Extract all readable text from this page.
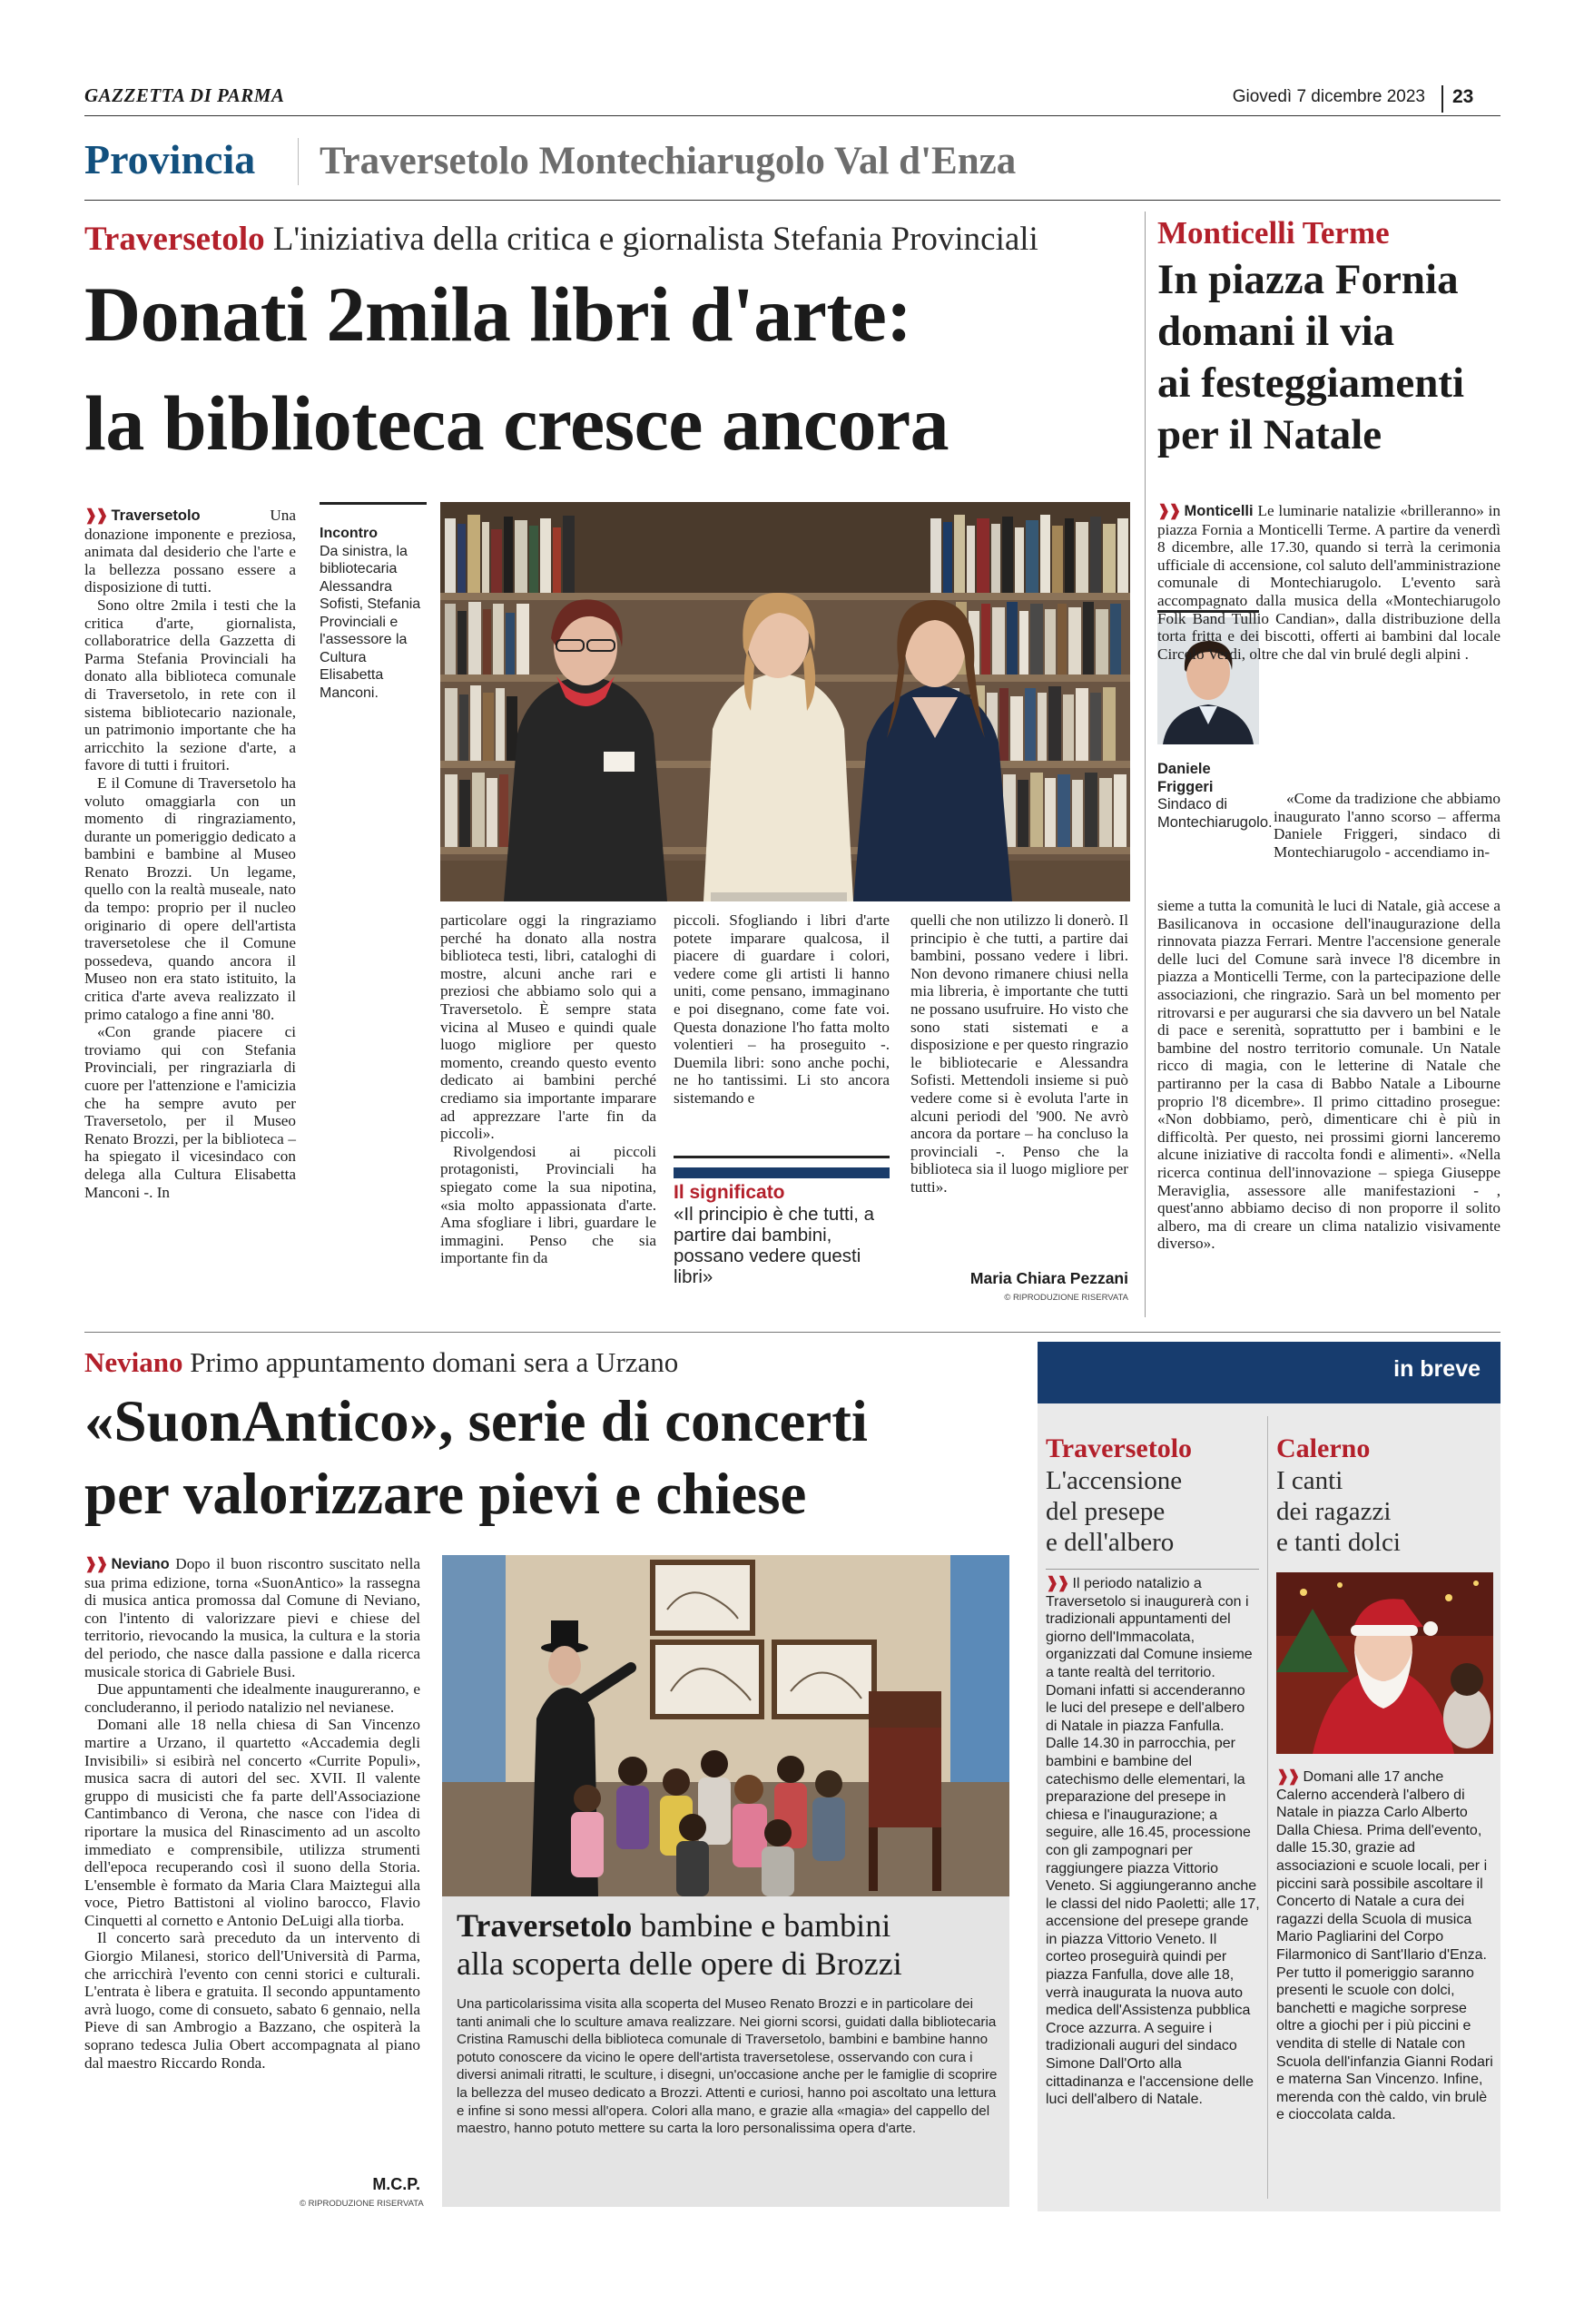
GAZZETTA DI PARMA	Giovedì 7 dicembre 2023 23
Provincia Traversetolo Montechiarugolo Val d'Enza
Traversetolo L'iniziativa della critica e giornalista Stefania Provinciali
Donati 2mila libri d'arte:
la biblioteca cresce ancora

❱❱ Traversetolo	Una donazione imponente e preziosa, animata dal desiderio che l'arte e la bellezza possano essere a disposizione di tutti.

Sono oltre 2mila i testi che la critica d'arte, giornalista, collaboratrice della Gazzetta di Parma Stefania Provinciali ha donato alla biblioteca comunale di Traversetolo, in rete con il sistema bibliotecario nazionale, un patrimonio importante che ha arricchito la sezione d'arte, a favore di tutti i fruitori.

E il Comune di Traversetolo ha voluto omaggiarla con un momento di ringraziamento, durante un pomeriggio dedicato a bambini e bambine al Museo Renato Brozzi. Un legame, quello con la realtà museale, nato da tempo: proprio per il nucleo originario di opere dell'artista traversetolese che il Comune possedeva, quando ancora il Museo non era stato istituito, la critica d'arte aveva realizzato il primo catalogo a fine anni '80.

«Con grande piacere ci troviamo qui con Stefania Provinciali, per ringraziarla di cuore per l'attenzione e l'amicizia che ha sempre avuto per Traversetolo, per il Museo Renato Brozzi, per la biblioteca – ha spiegato il vicesindaco con delega alla Cultura Elisabetta Manconi -. In

Incontro
Da sinistra, la bibliotecaria Alessandra Sofisti, Stefania Provinciali e l'assessore la Cultura Elisabetta Manconi.

particolare oggi la ringraziamo perché ha donato alla nostra biblioteca testi, libri, cataloghi di mostre, alcuni anche rari e preziosi che abbiamo solo qui a Traversetolo. È sempre stata vicina al Museo e quindi quale luogo migliore per questo momento, creando questo evento dedicato ai bambini perché crediamo sia importante imparare ad apprezzare l'arte fin da piccoli».

Rivolgendosi ai piccoli protagonisti, Provinciali ha spiegato come la sua nipotina, «sia molto appassionata d'arte. Ama sfogliare i libri, guardare le immagini. Penso che sia importante fin da

piccoli. Sfogliando i libri d'arte potete imparare qualcosa, il piacere di guardare i colori, vedere come gli artisti li hanno uniti, come pensano, immaginano e poi disegnano, come fate voi. Questa donazione l'ho fatta molto volentieri – ha proseguito -. Duemila libri: sono anche pochi, ne ho tantissimi. Li sto ancora sistemando e

Il significato
«Il principio è che tutti, a partire dai bambini, possano vedere questi libri»

quelli che non utilizzo li donerò. Il principio è che tutti, a partire dai bambini, possano vedere i libri. Non devono rimanere chiusi nella mia libreria, è importante che tutti ne possano usufruire. Ho visto che sono stati sistemati e a disposizione e per questo ringrazio le bibliotecarie e Alessandra Sofisti. Mettendoli insieme si può vedere come si è evoluta l'arte in alcuni periodi del '900. Ne avrò ancora da portare – ha concluso la provinciali -. Penso che la biblioteca sia il luogo migliore per tutti».

Maria Chiara Pezzani
© RIPRODUZIONE RISERVATA
Monticelli Terme
In piazza Fornia
domani il via
ai festeggiamenti
per il Natale
Daniele Friggeri
Sindaco di Montechiarugolo.

❱❱ Monticelli Le luminarie natalizie «brilleranno» in piazza Fornia a Monticelli Terme. A partire da venerdì 8 dicembre, alle 17.30, quando si terrà la cerimonia ufficiale di accensione, col saluto dell'amministrazione comunale di Montechiarugolo. L'evento sarà accompagnato dalla musica della «Montechiarugolo Folk Band Tullio Candian», dalla distribuzione della torta fritta e dei biscotti, offerti ai bambini dal locale Circolo Verdi, oltre che dal vin brulé degli alpini .

«Come da tradizione che abbiamo inaugurato l'anno scorso – afferma Daniele Friggeri, sindaco di Montechiarugolo - accendiamo in-

sieme a tutta la comunità le luci di Natale, già accese a Basilicanova in occasione dell'inaugurazione della rinnovata piazza Ferrari. Mentre l'accensione generale delle luci del Comune sarà invece l'8 dicembre in piazza a Monticelli Terme, con la partecipazione delle associazioni, che ringrazio. Sarà un bel momento per ritrovarsi e per augurarsi che sia davvero un bel Natale di pace e serenità, soprattutto per i bambini e le bambine del nostro territorio comunale. Un Natale ricco di magia, con le letterine di Natale che partiranno per la casa di Babbo Natale a Libourne proprio l'8 dicembre». Il primo cittadino prosegue: «Non dobbiamo, però, dimenticare chi è più in difficoltà. Per questo, nei prossimi giorni lanceremo alcune iniziative di raccolta fondi e alimenti». «Nella ricerca continua dell'innovazione – spiega Giuseppe Meraviglia, assessore alle manifestazioni - , quest'anno abbiamo deciso di non proporre il solito albero, ma di creare un clima natalizio visivamente diverso».

Neviano Primo appuntamento domani sera a Urzano
«SuonAntico», serie di concerti
per valorizzare pievi e chiese

❱❱ Neviano Dopo il buon riscontro suscitato nella sua prima edizione, torna «SuonAntico» la rassegna di musica antica promossa dal Comune di Neviano, con l'intento di valorizzare pievi e chiese del territorio, rievocando la musica, la cultura e la storia del periodo, che nasce dalla passione e dalla ricerca musicale storica di Gabriele Busi.

Due appuntamenti che idealmente inaugureranno, e concluderanno, il periodo natalizio nel nevianese.

Domani alle 18 nella chiesa di San Vincenzo martire a Urzano, il quartetto «Accademia degli Invisibili» si esibirà nel concerto «Currite Populi», musica sacra di autori del sec. XVII. Il valente gruppo di musicisti che fa parte dell'Associazione Cantimbanco di Verona, che nasce con l'idea di riportare la musica del Rinascimento ad un ascolto immediato e comprensibile, utilizza strumenti dell'epoca recuperando così il suono della Storia. L'ensemble è formato da Maria Clara Maiztegui alla voce, Pietro Battistoni al violino barocco, Flavio Cinquetti al cornetto e Antonio DeLuigi alla tiorba.

Il concerto sarà preceduto da un intervento di Giorgio Milanesi, storico dell'Università di Parma, che arricchirà l'evento con cenni storici e culturali. L'entrata è libera e gratuita. Il secondo appuntamento avrà luogo, come di consueto, sabato 6 gennaio, nella Pieve di san Ambrogio a Bazzano, che ospiterà la soprano tedesca Julia Obert accompagnata al piano dal maestro Riccardo Ronda.

M.C.P.
© RIPRODUZIONE RISERVATA
Traversetolo bambine e bambini
alla scoperta delle opere di Brozzi
Una particolarissima visita alla scoperta del Museo Renato Brozzi e in particolare dei tanti animali che lo sculture amava realizzare. Nei giorni scorsi, guidati dalla bibliotecaria Cristina Ramuschi della biblioteca comunale di Traversetolo, bambini e bambine hanno potuto conoscere da vicino le opere dell'artista traversetolese, osservando con cura i diversi animali ritratti, le sculture, i disegni, un'occasione anche per le famiglie di scoprire la bellezza del museo dedicato a Brozzi. Attenti e curiosi, hanno poi ascoltato una lettura e infine si sono messi all'opera. Colori alla mano, e grazie alla «magia» del cappello del maestro, hanno potuto mettere su carta la loro personalissima opera d'arte.
in breve
Traversetolo
L'accensione
del presepe
e dell'albero
❱❱ Il periodo natalizio a Traversetolo si inaugurerà con i tradizionali appuntamenti del giorno dell'Immacolata, organizzati dal Comune insieme a tante realtà del territorio. Domani infatti si accenderanno le luci del presepe e dell'albero di Natale in piazza Fanfulla. Dalle 14.30 in parrocchia, per bambini e bambine del catechismo delle elementari, la preparazione del presepe in chiesa e l'inaugurazione; a seguire, alle 16.45, processione con gli zampognari per raggiungere piazza Vittorio Veneto. Si aggiungeranno anche le classi del nido Paoletti; alle 17, accensione del presepe grande in piazza Vittorio Veneto. Il corteo proseguirà quindi per piazza Fanfulla, dove alle 18, verrà inaugurata la nuova auto medica dell'Assistenza pubblica Croce azzurra. A seguire i tradizionali auguri del sindaco Simone Dall'Orto alla cittadinanza e l'accensione delle luci dell'albero di Natale.
Calerno
I canti
dei ragazzi
e tanti dolci
❱❱ Domani alle 17 anche Calerno accenderà l'albero di Natale in piazza Carlo Alberto Dalla Chiesa. Prima dell'evento, dalle 15.30, grazie ad associazioni e scuole locali, per i piccini sarà possibile ascoltare il Concerto di Natale a cura dei ragazzi della Scuola di musica Mario Pagliarini del Corpo Filarmonico di Sant'Ilario d'Enza. Per tutto il pomeriggio saranno presenti le scuole con dolci, banchetti e magiche sorprese oltre a giochi per i più piccini e vendita di stelle di Natale con Scuola dell'infanzia Gianni Rodari e materna San Vincenzo. Infine, merenda con thè caldo, vin brulè e cioccolata calda.
